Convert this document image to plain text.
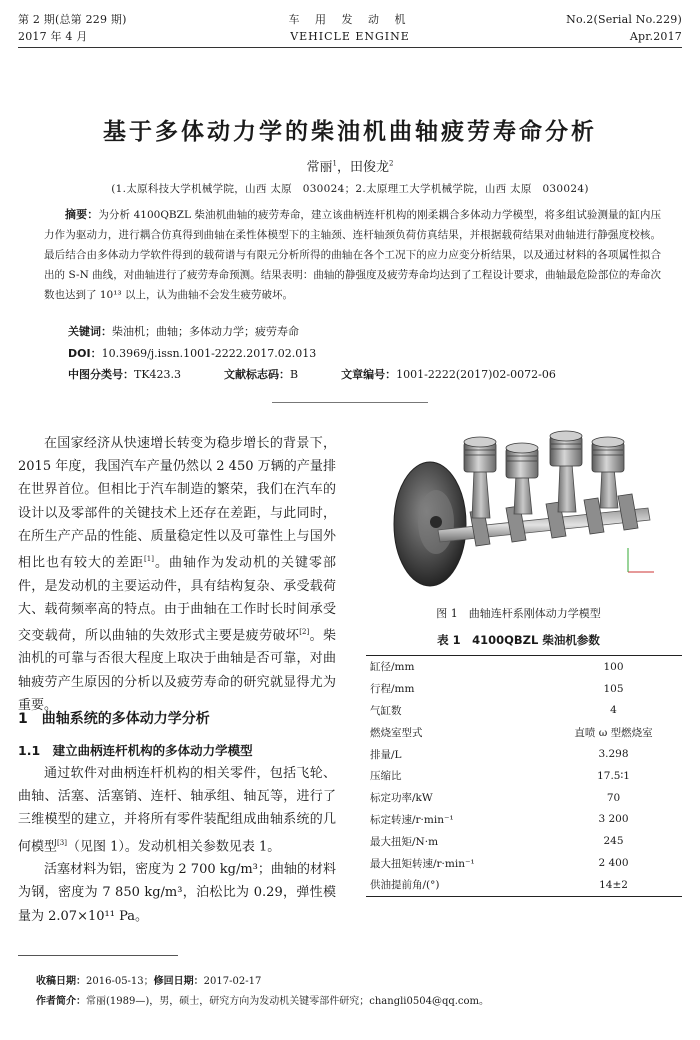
第 2 期(总第 229 期)
2017 年 4 月
车 用 发 动 机
VEHICLE ENGINE
No.2(Serial No.229)
Apr.2017
基于多体动力学的柴油机曲轴疲劳寿命分析
常丽$^1$，田俊龙$^2$
(1.太原科技大学机械学院，山西 太原　030024；2.太原理工大学机械学院，山西 太原　030024)
摘要：为分析 4100QBZL 柴油机曲轴的疲劳寿命，建立该曲柄连杆机构的刚柔耦合多体动力学模型，将多组试验测量的缸内压力作为驱动力，进行耦合仿真得到曲轴在柔性体模型下的主轴颈、连杆轴颈负荷仿真结果，并根据载荷结果对曲轴进行静强度校核。最后结合由多体动力学软件得到的载荷谱与有限元分析所得的曲轴在各个工况下的应力应变分析结果，以及通过材料的各项属性拟合出的 S-N 曲线，对曲轴进行了疲劳寿命预测。结果表明：曲轴的静强度及疲劳寿命均达到了工程设计要求，曲轴最危险部位的寿命次数也达到了 10¹³ 以上，认为曲轴不会发生疲劳破坏。
关键词：柴油机；曲轴；多体动力学；疲劳寿命
DOI：10.3969/j.issn.1001-2222.2017.02.013
中图分类号：TK423.3	文献标志码：B	文章编号：1001-2222(2017)02-0072-06

在国家经济从快速增长转变为稳步增长的背景下，2015 年度，我国汽车产量仍然以 2 450 万辆的产量排在世界首位。但相比于汽车制造的繁荣，我们在汽车的设计以及零部件的关键技术上还存在差距，与此同时，在所生产产品的性能、质量稳定性以及可靠性上与国外相比也有较大的差距[1]。曲轴作为发动机的关键零部件，是发动机的主要运动件，具有结构复杂、承受载荷大、载荷频率高的特点。由于曲轴在工作时长时间承受交变载荷，所以曲轴的失效形式主要是疲劳破坏[2]。柴油机的可靠与否很大程度上取决于曲轴是否可靠，对曲轴疲劳产生原因的分析以及疲劳寿命的研究就显得尤为重要。

1　曲轴系统的多体动力学分析
1.1　建立曲柄连杆机构的多体动力学模型

通过软件对曲柄连杆机构的相关零件，包括飞轮、曲轴、活塞、活塞销、连杆、轴承组、轴瓦等，进行了三维模型的建立，并将所有零件装配组成曲轴系统的几何模型[3]（见图 1）。发动机相关参数见表 1。

活塞材料为铝，密度为 2 700 kg/m³；曲轴的材料为钢，密度为 7 850 kg/m³，泊松比为 0.29，弹性模量为 2.07×10¹¹ Pa。

图 1　曲轴连杆系刚体动力学模型
表 1　4100QBZL 柴油机参数
缸径/mm	100
行程/mm	105
气缸数	4
燃烧室型式	直喷 ω 型燃烧室
排量/L	3.298
压缩比	17.5∶1
标定功率/kW	70
标定转速/r·min⁻¹	3 200
最大扭矩/N·m	245
最大扭矩转速/r·min⁻¹	2 400
供油提前角/(°)	14±2
收稿日期：2016-05-13；修回日期：2017-02-17
作者简介：常丽(1989—)，男，硕士，研究方向为发动机关键零部件研究；changli0504@qq.com。
